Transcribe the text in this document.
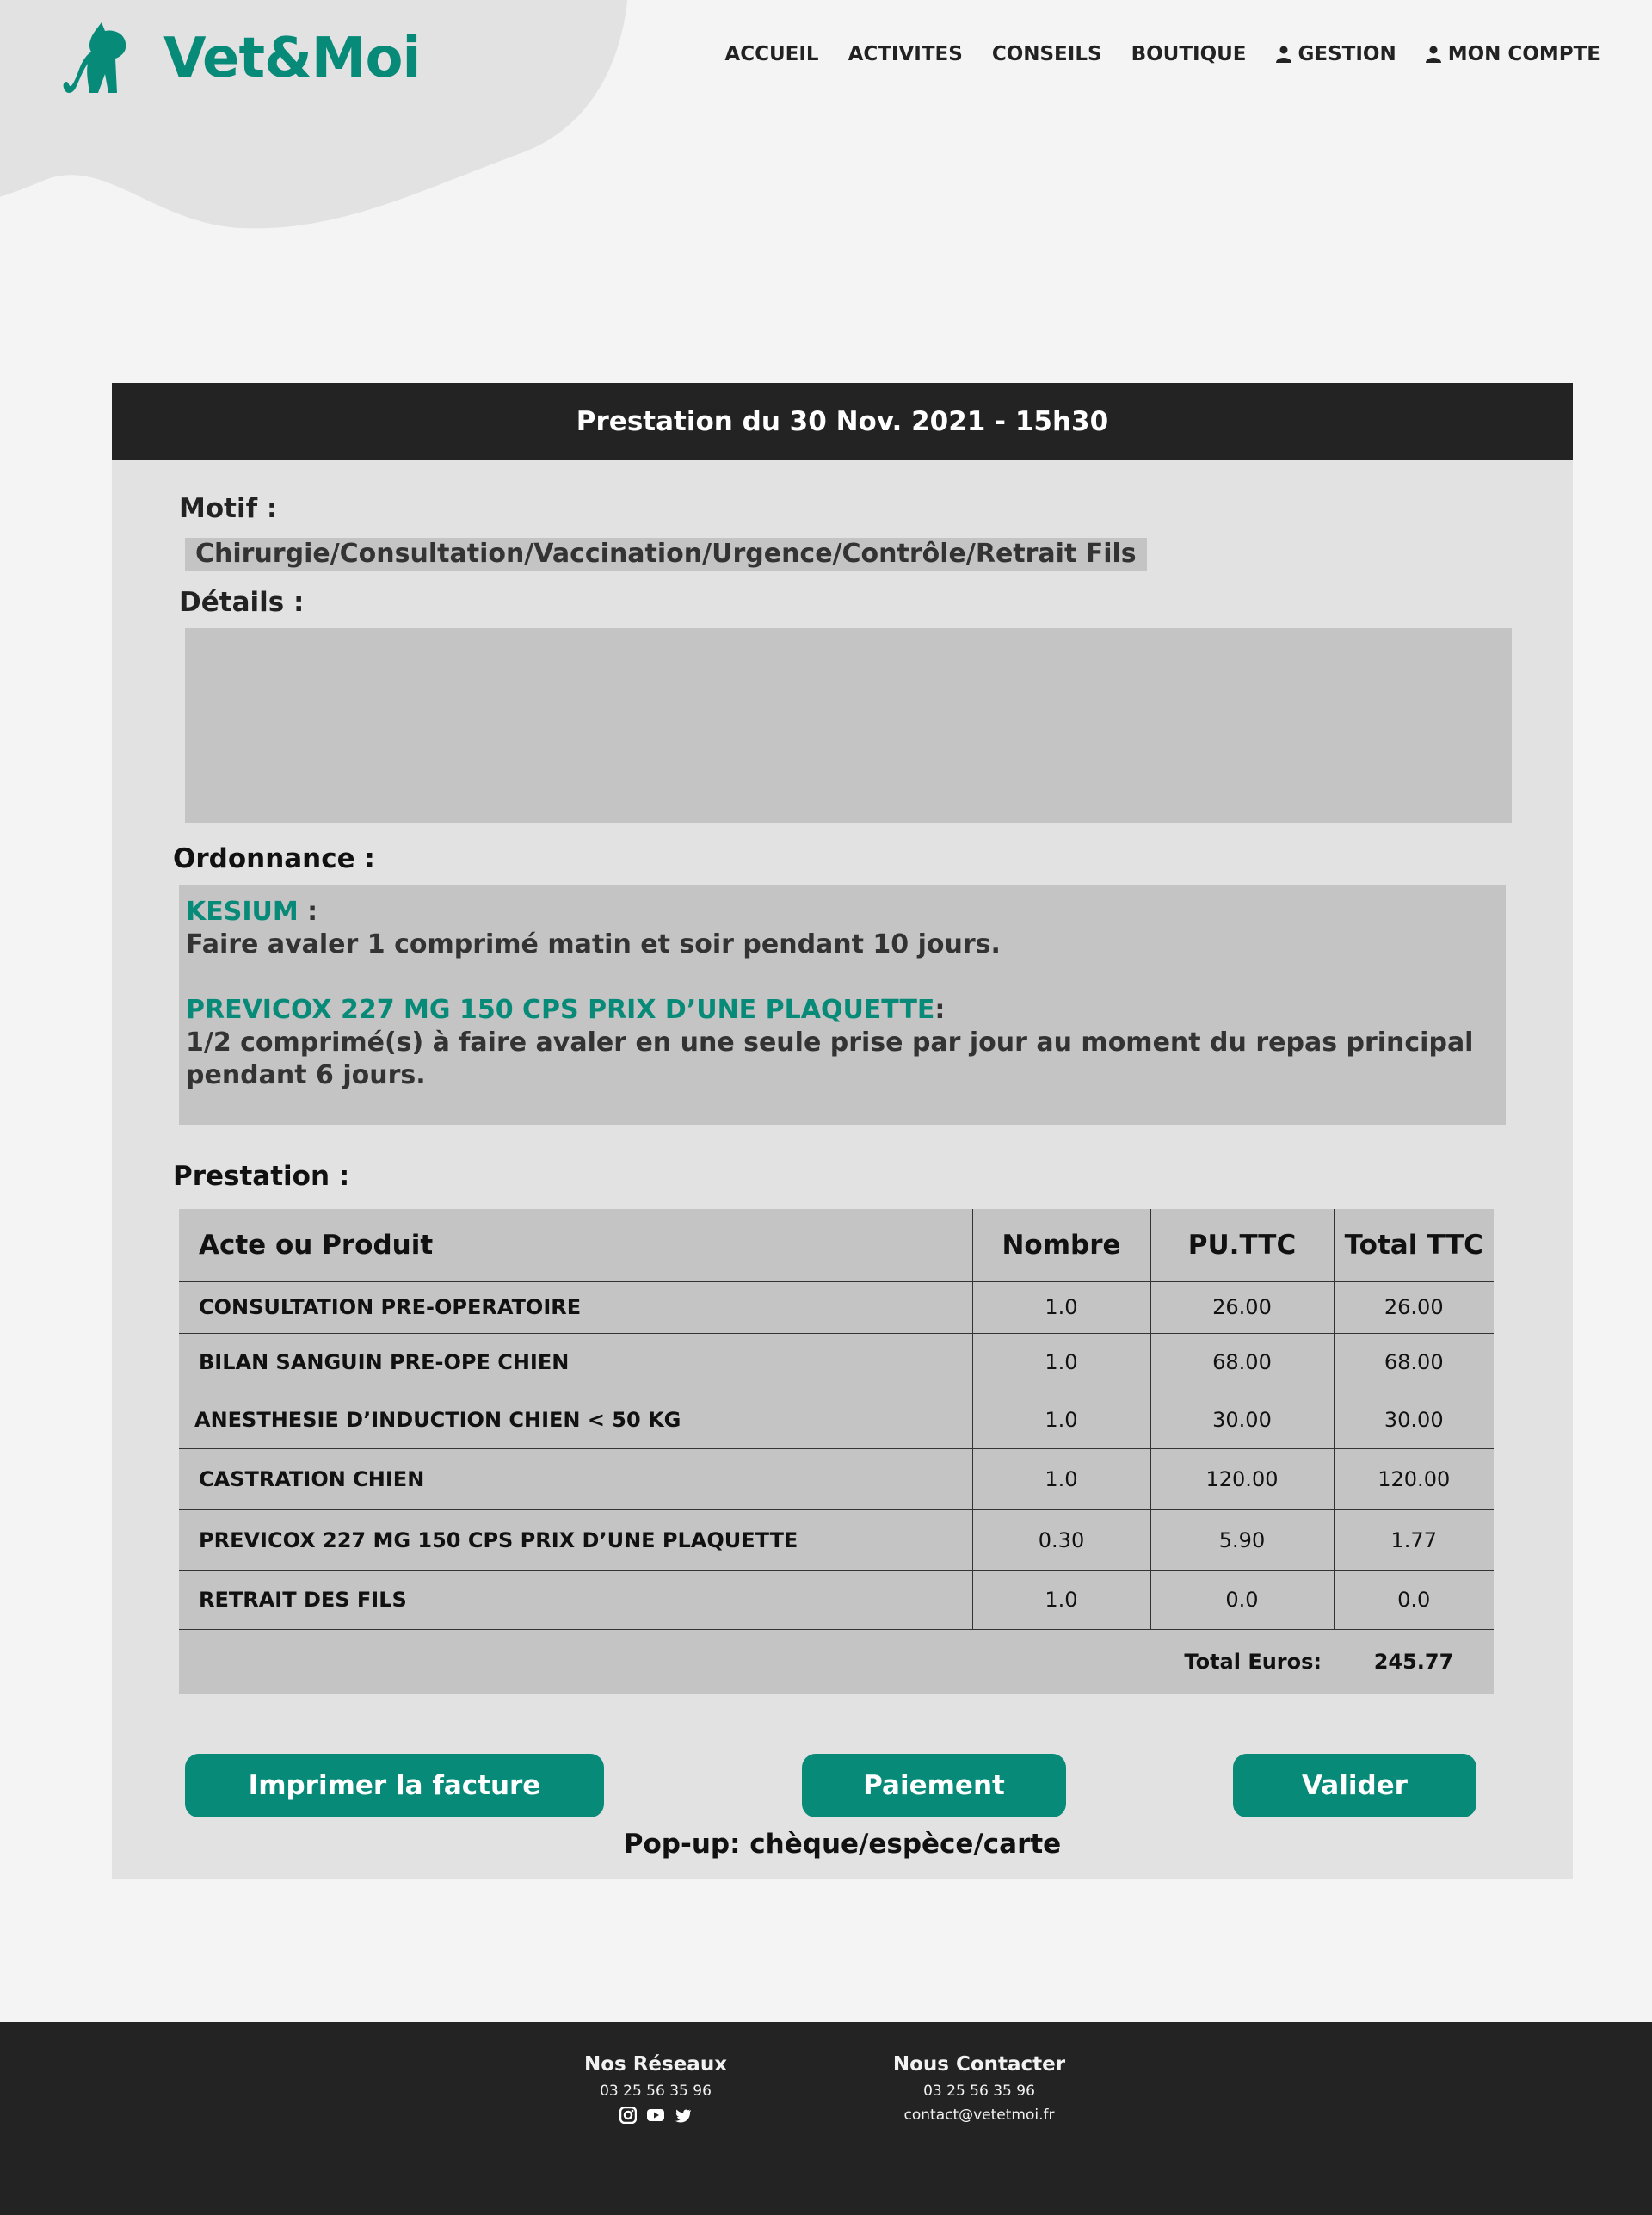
Vet&Moi	ACCUEIL ACTIVITES CONSEILS BOUTIQUE	GESTION	MON COMPTE
Prestation du 30 Nov. 2021 - 15h30
Motif :
Chirurgie/Consultation/Vaccination/Urgence/Contrôle/Retrait Fils
Détails :
Ordonnance :
KESIUM :
Faire avaler 1 comprimé matin et soir pendant 10 jours.
PREVICOX 227 MG 150 CPS PRIX D’UNE PLAQUETTE:
1/2 comprimé(s) à faire avaler en une seule prise par jour au moment du repas principal pendant 6 jours.
Prestation :
Acte ou Produit	Nombre	PU.TTC	Total TTC
CONSULTATION PRE-OPERATOIRE	1.0	26.00	26.00
BILAN SANGUIN PRE-OPE CHIEN	1.0	68.00	68.00
ANESTHESIE D’INDUCTION CHIEN < 50 KG	1.0	30.00	30.00
CASTRATION CHIEN	1.0	120.00	120.00
PREVICOX 227 MG 150 CPS PRIX D’UNE PLAQUETTE	0.30	5.90	1.77
RETRAIT DES FILS	1.0	0.0	0.0
Total Euros:			245.77
Imprimer la facture	Paiement	Valider
Pop-up: chèque/espèce/carte
Nos Réseaux

03 25 56 35 96

Nous Contacter

03 25 56 35 96

contact@vetetmoi.fr
